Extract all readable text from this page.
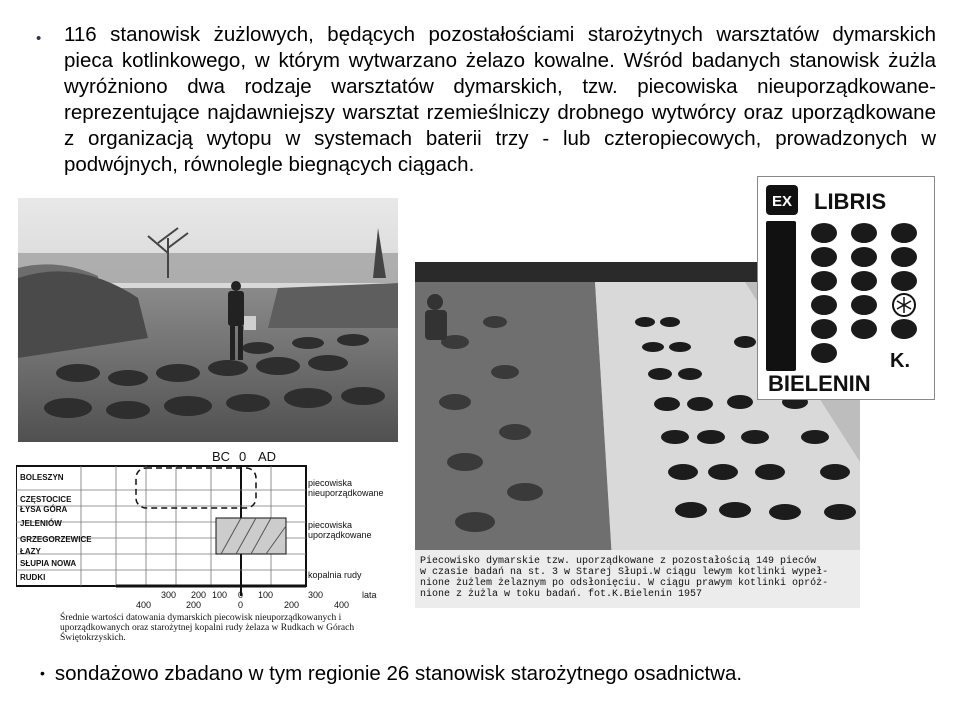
• 116 stanowisk żużlowych, będących pozostałościami starożytnych warsztatów dymarskich pieca kotlinkowego, w którym wytwarzano żelazo kowalne. Wśród badanych stanowisk żużla wyróżniono dwa rodzaje warsztatów dymarskich, tzw. piecowiska nieuporządkowane- reprezentujące najdawniejszy warsztat rzemieślniczy drobnego wytwórcy oraz uporządkowane z organizacją wytopu w systemach baterii trzy - lub czteropiecowych, prowadzonych w podwójnych, równolegle biegnących ciągach.
Piecowisko dymarskie tzw. uporządkowane z pozostałością 149 pieców
w czasie badań na st. 3 w Starej Słupi.W ciągu lewym kotlinki wypeł-
nione żużlem żelaznym po odsłonięciu. W ciągu prawym kotlinki opróż-
nione z żużla w toku badań. fot.K.Bielenin 1957
EX LIBRIS
K.
BIELENIN
BC 0 AD
BOLESZYN
CZĘSTOCICE
ŁYSA GÓRA
JELENIÓW
GRZEGORZEWICE
ŁAZY
SŁUPIA NOWA
RUDKI
piecowiska
nieuporządkowane
piecowiska
uporządkowane
kopalnia rudy
300 200 100 0 100	300
400	200	0	200	400
lata
Średnie wartości datowania dymarskich piecowisk nieuporządkowanych i uporządkowanych oraz starożytnej kopalni rudy żelaza w Rudkach w Górach Świętokrzyskich.
• sondażowo zbadano w tym regionie 26 stanowisk starożytnego osadnictwa.
